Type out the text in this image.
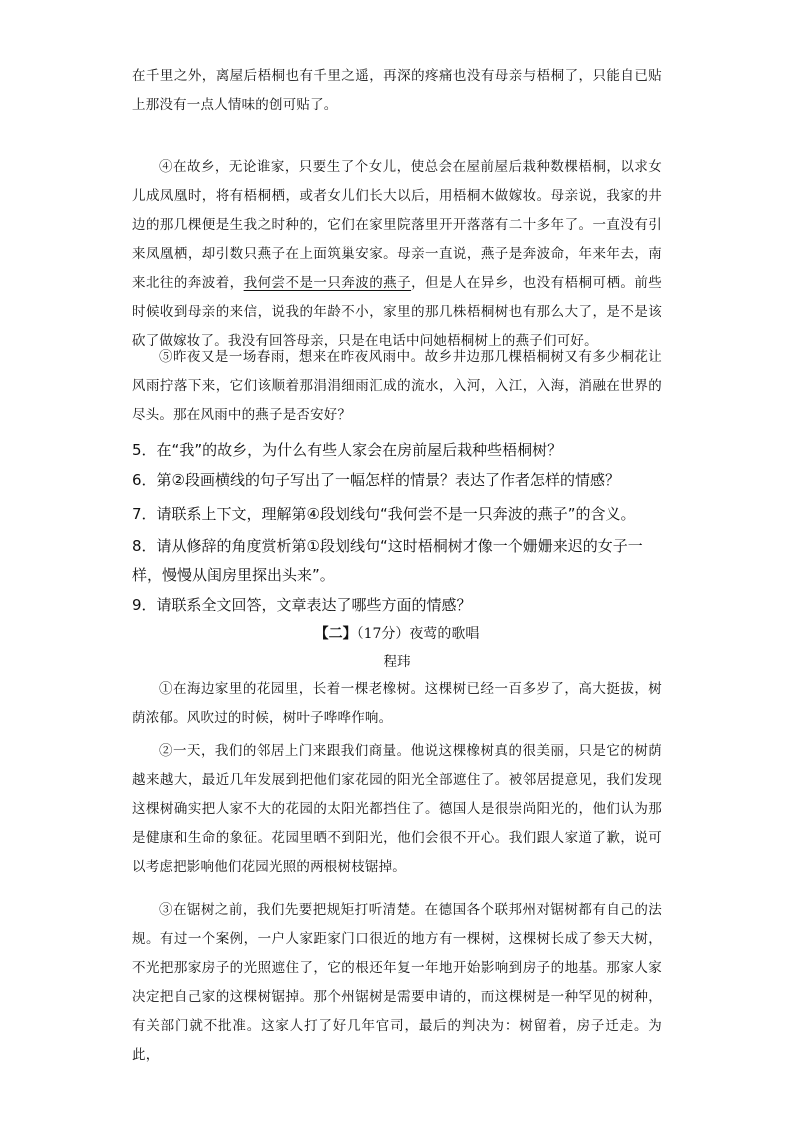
在千里之外，离屋后梧桐也有千里之遥，再深的疼痛也没有母亲与梧桐了，只能自已贴上那没有一点人情味的创可贴了。
④在故乡，无论谁家，只要生了个女儿，使总会在屋前屋后栽种数棵梧桐，以求女儿成凤凰时，将有梧桐栖，或者女儿们长大以后，用梧桐木做嫁妆。母亲说，我家的井边的那几棵便是生我之时种的，它们在家里院落里开开落落有二十多年了。一直没有引来凤凰栖，却引数只燕子在上面筑巢安家。母亲一直说，燕子是奔波命，年来年去，南来北往的奔波着，我何尝不是一只奔波的燕子，但是人在异乡，也没有梧桐可栖。前些时候收到母亲的来信，说我的年龄不小，家里的那几株梧桐树也有那么大了，是不是该砍了做嫁妆了。我没有回答母亲，只是在电话中问她梧桐树上的燕子们可好。
⑤昨夜又是一场春雨，想来在昨夜风雨中。故乡井边那几棵梧桐树又有多少桐花让风雨拧落下来，它们该顺着那涓涓细雨汇成的流水，入河，入江，入海，消融在世界的尽头。那在风雨中的燕子是否安好？
5．在“我”的故乡，为什么有些人家会在房前屋后栽种些梧桐树？
6．第②段画横线的句子写出了一幅怎样的情景？表达了作者怎样的情感？
7．请联系上下文，理解第④段划线句“我何尝不是一只奔波的燕子”的含义。
8．请从修辞的角度赏析第①段划线句“这时梧桐树才像一个姗姗来迟的女子一样，慢慢从闺房里探出头来”。
9．请联系全文回答，文章表达了哪些方面的情感？
【二】（17分）夜莺的歌唱
程玮
①在海边家里的花园里，长着一棵老橡树。这棵树已经一百多岁了，高大挺拔，树荫浓郁。风吹过的时候，树叶子哗哗作响。
②一天，我们的邻居上门来跟我们商量。他说这棵橡树真的很美丽，只是它的树荫越来越大，最近几年发展到把他们家花园的阳光全部遮住了。被邻居提意见，我们发现这棵树确实把人家不大的花园的太阳光都挡住了。德国人是很崇尚阳光的，他们认为那是健康和生命的象征。花园里晒不到阳光，他们会很不开心。我们跟人家道了歉，说可以考虑把影响他们花园光照的两根树枝锯掉。
③在锯树之前，我们先要把规矩打听清楚。在德国各个联邦州对锯树都有自己的法规。有过一个案例，一户人家距家门口很近的地方有一棵树，这棵树长成了参天大树，不光把那家房子的光照遮住了，它的根还年复一年地开始影响到房子的地基。那家人家决定把自己家的这棵树锯掉。那个州锯树是需要申请的，而这棵树是一种罕见的树种，有关部门就不批准。这家人打了好几年官司，最后的判决为：树留着，房子迁走。为此，
